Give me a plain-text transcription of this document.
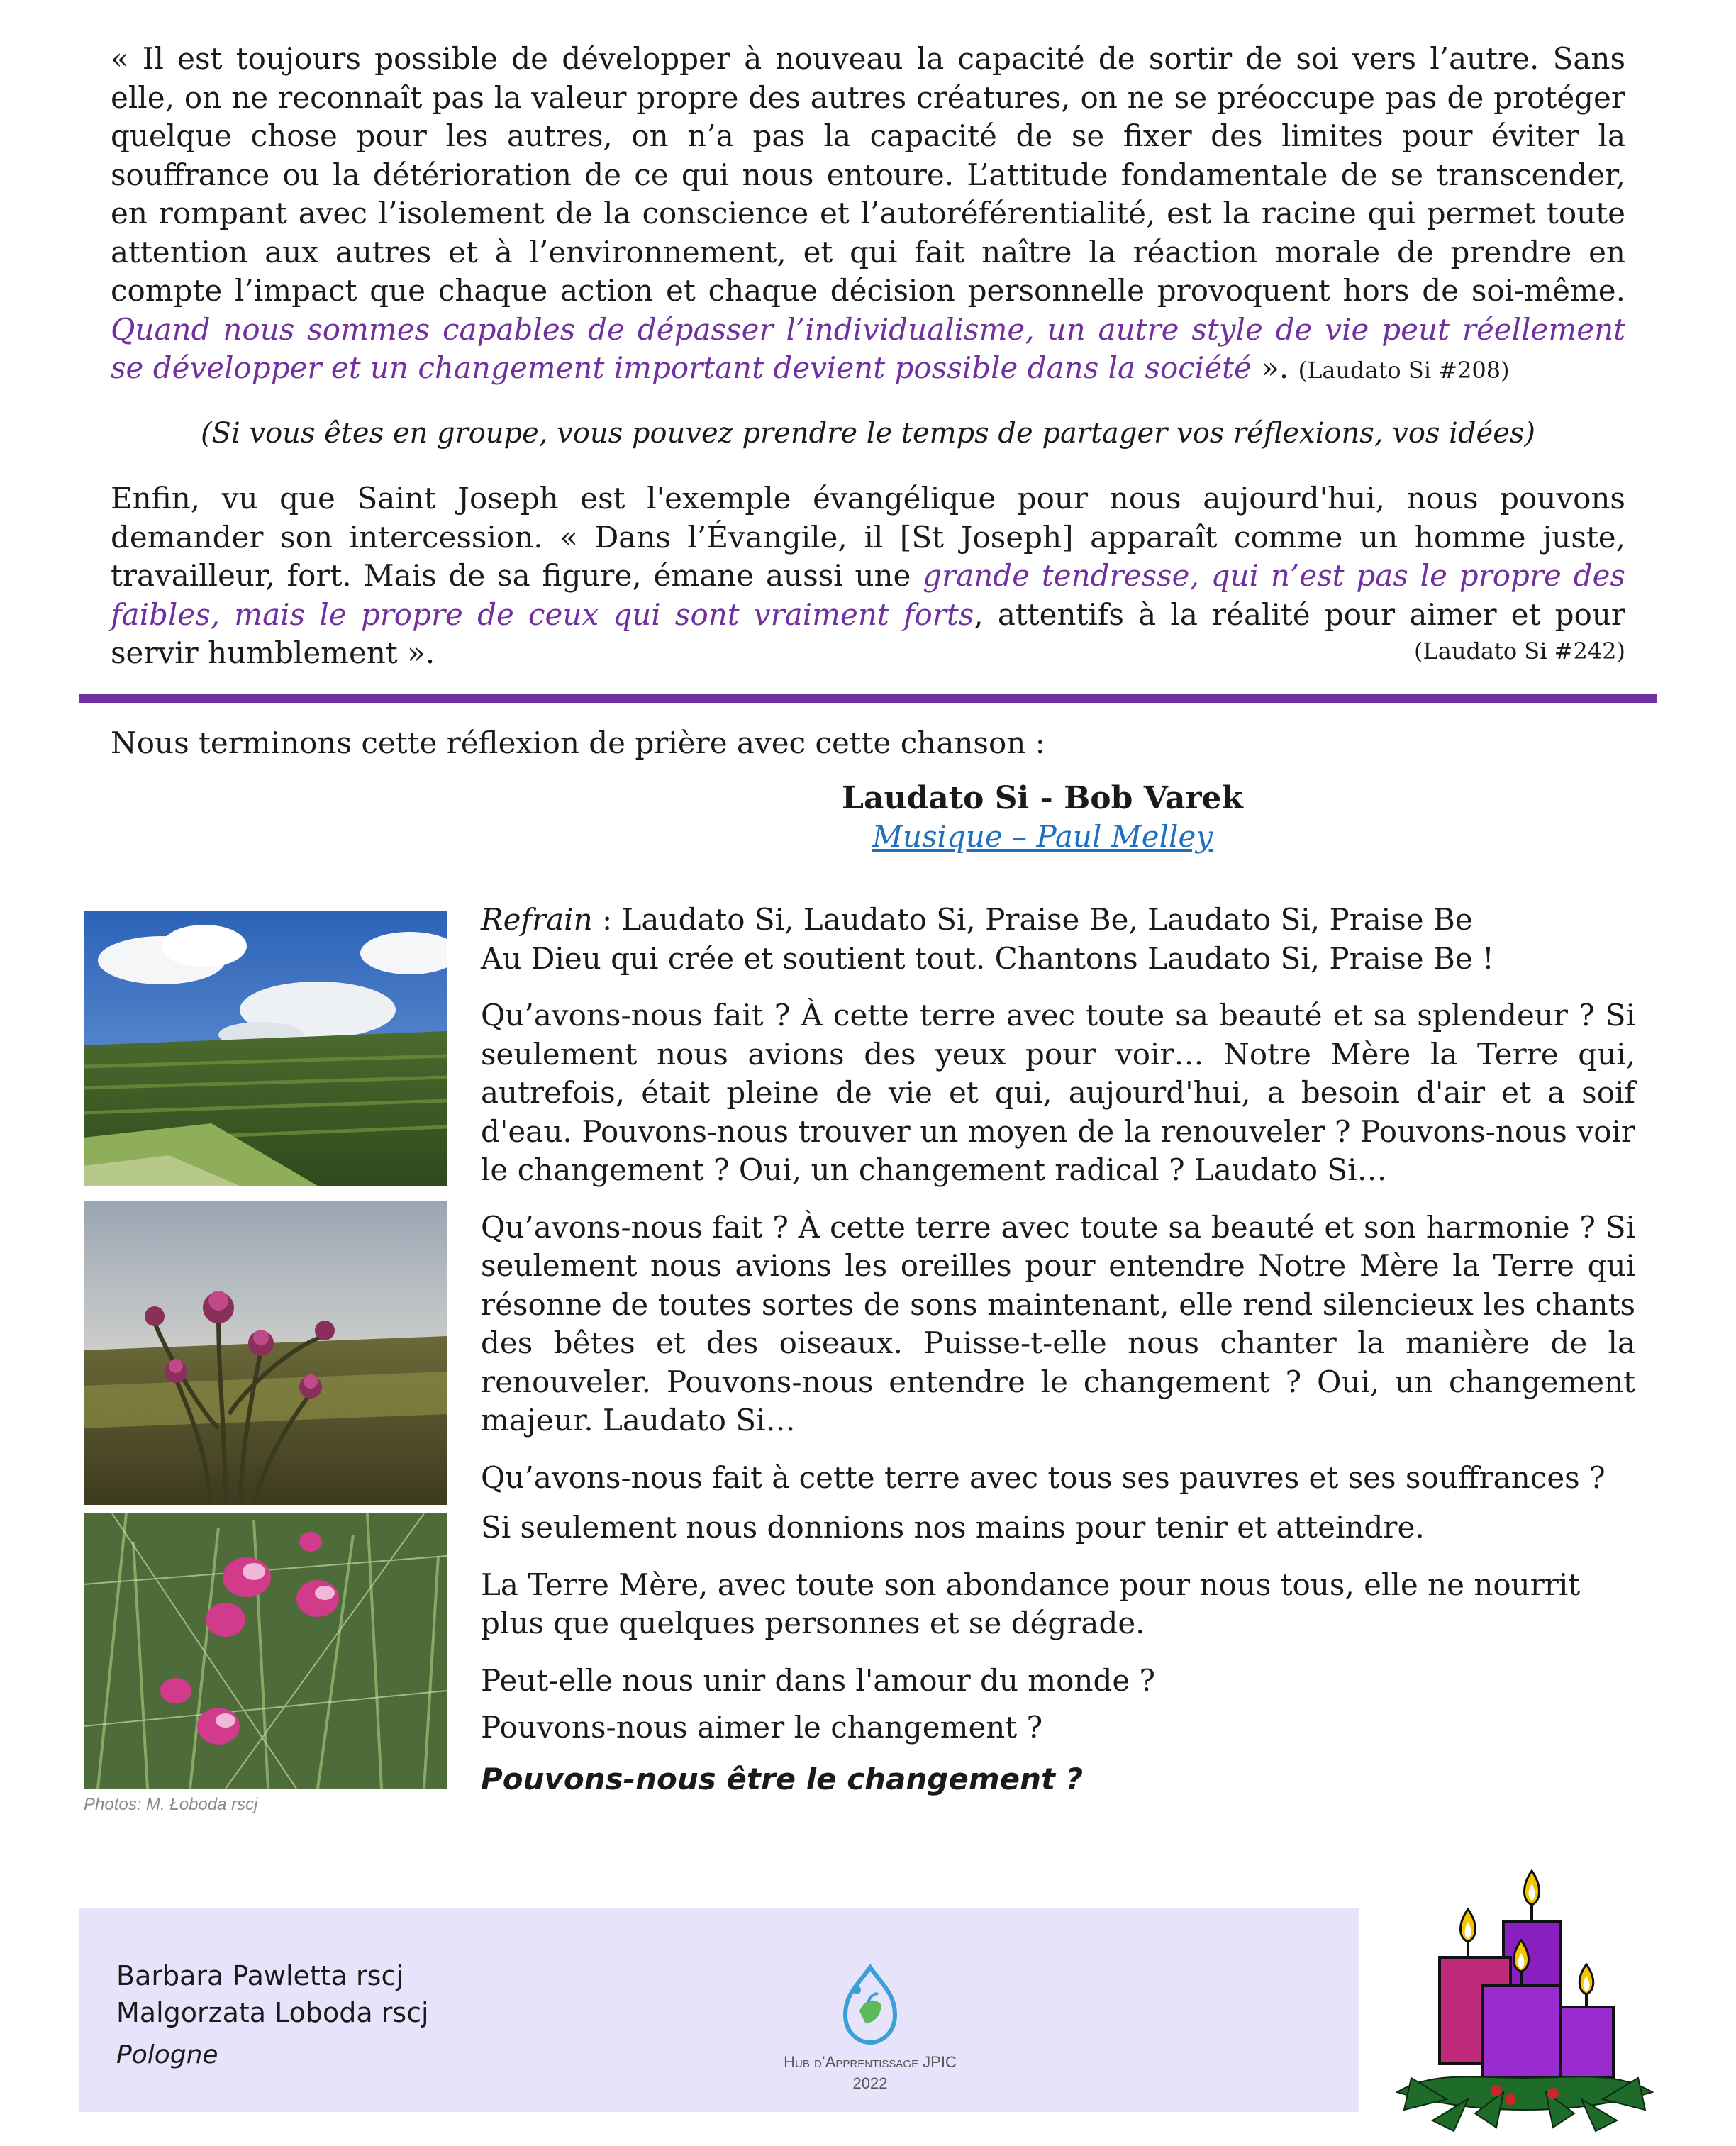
« Il est toujours possible de développer à nouveau la capacité de sortir de soi vers l’autre. Sans elle, on ne reconnaît pas la valeur propre des autres créatures, on ne se préoccupe pas de protéger quelque chose pour les autres, on n’a pas la capacité de se fixer des limites pour éviter la souffrance ou la détérioration de ce qui nous entoure. L’attitude fondamentale de se transcender, en rompant avec l’isolement de la conscience et l’autoréférentialité, est la racine qui permet toute attention aux autres et à l’environnement, et qui fait naître la réaction morale de prendre en compte l’impact que chaque action et chaque décision personnelle provoquent hors de soi-même. Quand nous sommes capables de dépasser l’individualisme, un autre style de vie peut réellement se développer et un changement important devient possible dans la société ». (Laudato Si #208)
(Si vous êtes en groupe, vous pouvez prendre le temps de partager vos réflexions, vos idées)
Enfin, vu que Saint Joseph est l'exemple évangélique pour nous aujourd'hui, nous pouvons demander son intercession. « Dans l’Évangile, il [St Joseph] apparaît comme un homme juste, travailleur, fort. Mais de sa figure, émane aussi une grande tendresse, qui n’est pas le propre des faibles, mais le propre de ceux qui sont vraiment forts, attentifs à la réalité pour aimer et pour servir humblement ».	(Laudato Si #242)
Nous terminons cette réflexion de prière avec cette chanson :
Laudato Si - Bob Varek
Musique – Paul Melley
Photos: M. Łoboda rscj

Refrain : Laudato Si, Laudato Si, Praise Be, Laudato Si, Praise Be
Au Dieu qui crée et soutient tout. Chantons Laudato Si, Praise Be !

Qu’avons-nous fait ? À cette terre avec toute sa beauté et sa splendeur ? Si seulement nous avions des yeux pour voir… Notre Mère la Terre qui, autrefois, était pleine de vie et qui, aujourd'hui, a besoin d'air et a soif d'eau. Pouvons-nous trouver un moyen de la renouveler ? Pouvons-nous voir le changement ? Oui, un changement radical ? Laudato Si…

Qu’avons-nous fait ? À cette terre avec toute sa beauté et son harmonie ? Si seulement nous avions les oreilles pour entendre Notre Mère la Terre qui résonne de toutes sortes de sons maintenant, elle rend silencieux les chants des bêtes et des oiseaux. Puisse-t-elle nous chanter la manière de la renouveler. Pouvons-nous entendre le changement ? Oui, un changement majeur. Laudato Si…

Qu’avons-nous fait à cette terre avec tous ses pauvres et ses souffrances ?

Si seulement nous donnions nos mains pour tenir et atteindre.

La Terre Mère, avec toute son abondance pour nous tous, elle ne nourrit plus que quelques personnes et se dégrade.

Peut-elle nous unir dans l'amour du monde ?

Pouvons-nous aimer le changement ?

Pouvons-nous être le changement ?

Barbara Pawletta rscj
Malgorzata Loboda rscj
Pologne	Hub d’Apprentissage JPIC
2022
